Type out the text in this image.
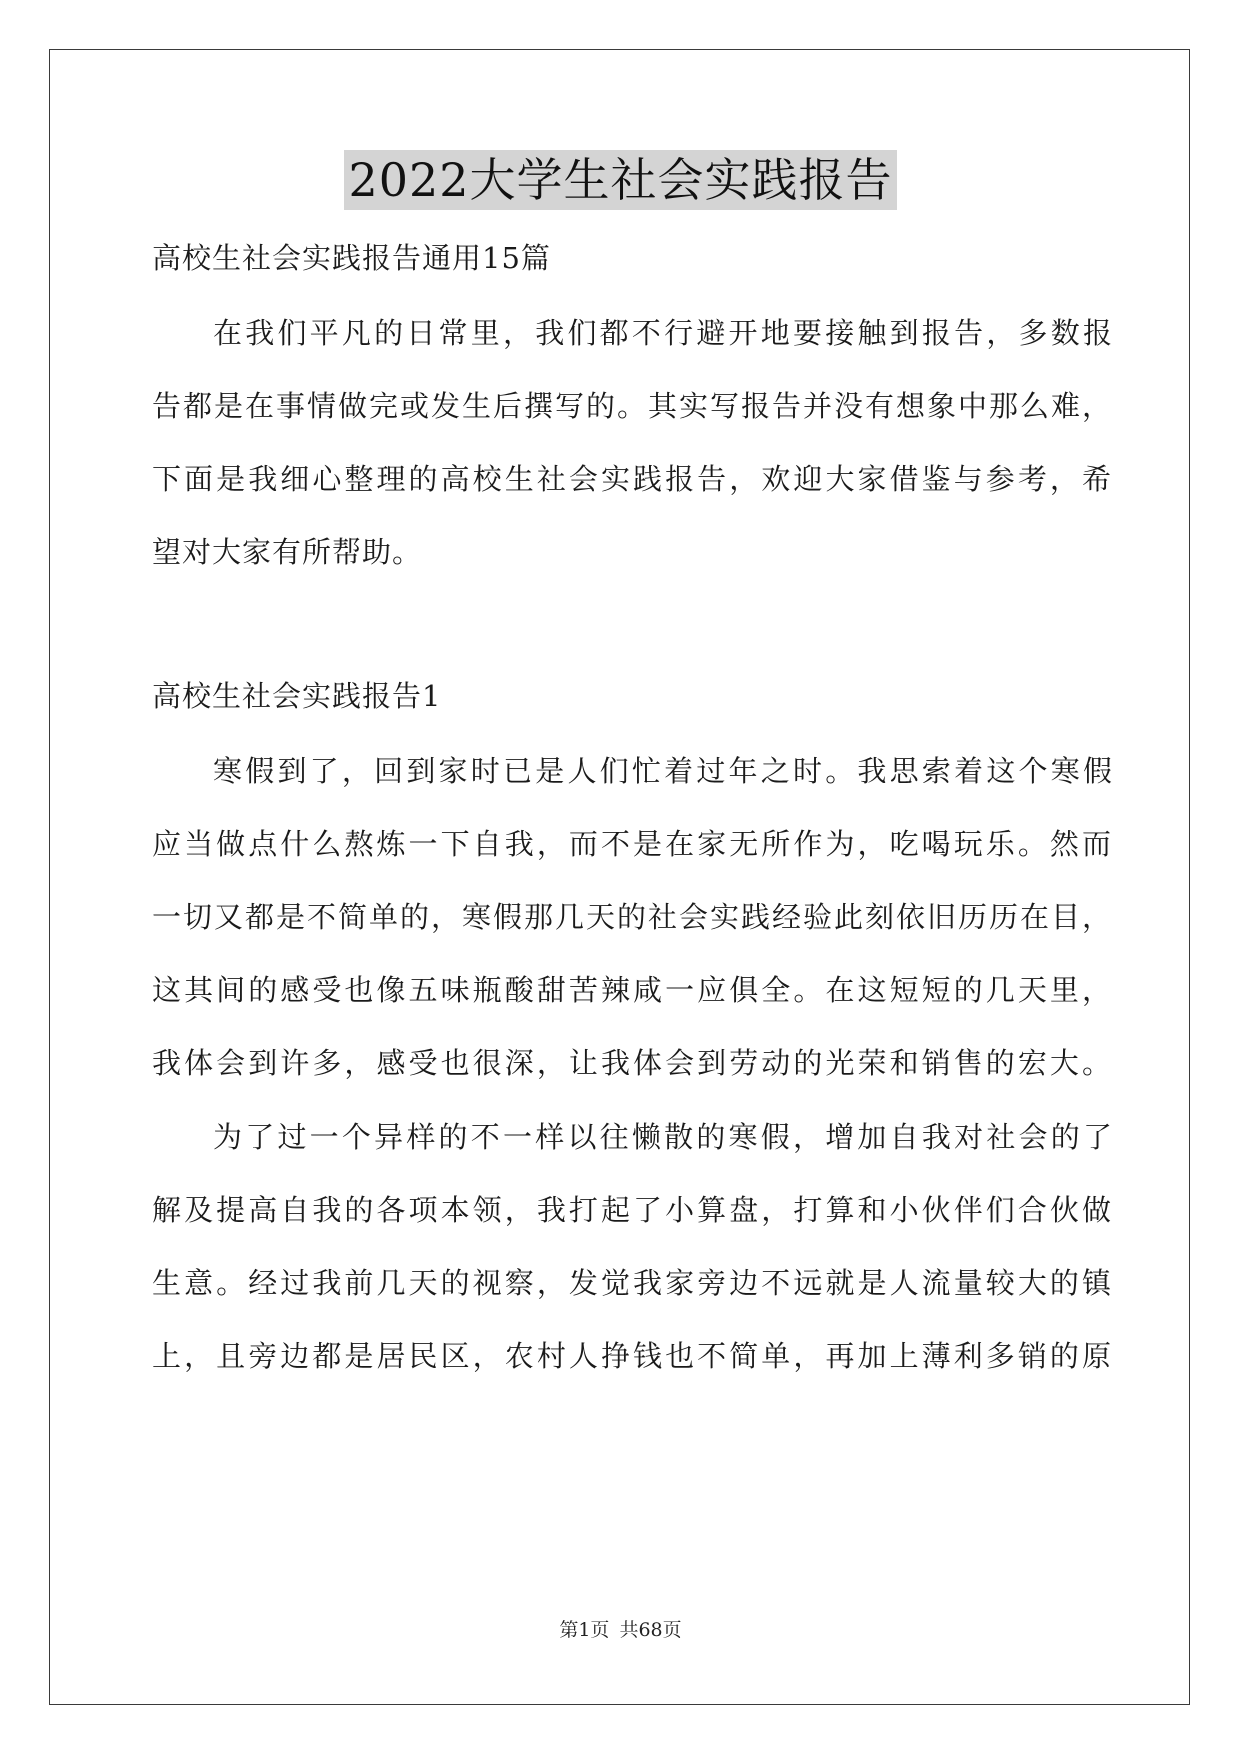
2022大学生社会实践报告

高校生社会实践报告通用15篇

在我们平凡的日常里，我们都不行避开地要接触到报告，多数报

告都是在事情做完或发生后撰写的。其实写报告并没有想象中那么难，

下面是我细心整理的高校生社会实践报告，欢迎大家借鉴与参考，希

望对大家有所帮助。

高校生社会实践报告1

寒假到了，回到家时已是人们忙着过年之时。我思索着这个寒假

应当做点什么熬炼一下自我，而不是在家无所作为，吃喝玩乐。然而

一切又都是不简单的，寒假那几天的社会实践经验此刻依旧历历在目，

这其间的感受也像五味瓶酸甜苦辣咸一应俱全。在这短短的几天里，

我体会到许多，感受也很深，让我体会到劳动的光荣和销售的宏大。

为了过一个异样的不一样以往懒散的寒假，增加自我对社会的了

解及提高自我的各项本领，我打起了小算盘，打算和小伙伴们合伙做

生意。经过我前几天的视察，发觉我家旁边不远就是人流量较大的镇

上，且旁边都是居民区，农村人挣钱也不简单，再加上薄利多销的原

第1页 共68页
